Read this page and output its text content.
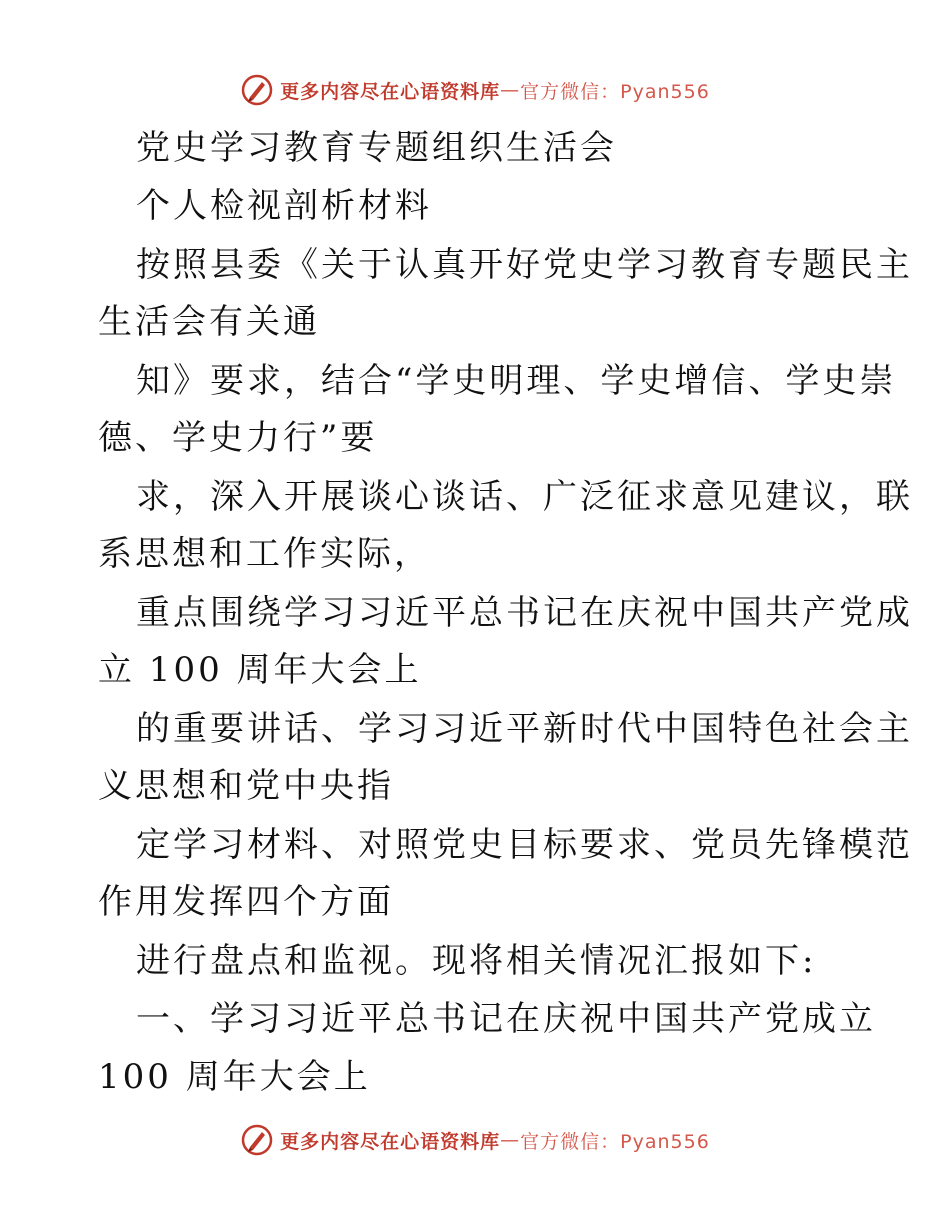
更多内容尽在心语资料库 — 官方微信：Pyan556
党史学习教育专题组织生活会
个人检视剖析材料
按照县委《关于认真开好党史学习教育专题民主
生活会有关通
知》要求，结合“学史明理、学史增信、学史崇
德、学史力行”要
求，深入开展谈心谈话、广泛征求意见建议，联
系思想和工作实际，
重点围绕学习习近平总书记在庆祝中国共产党成
立 100 周年大会上
的重要讲话、学习习近平新时代中国特色社会主
义思想和党中央指
定学习材料、对照党史目标要求、党员先锋模范
作用发挥四个方面
进行盘点和监视。现将相关情况汇报如下:
一、学习习近平总书记在庆祝中国共产党成立
100 周年大会上
更多内容尽在心语资料库 — 官方微信：Pyan556
